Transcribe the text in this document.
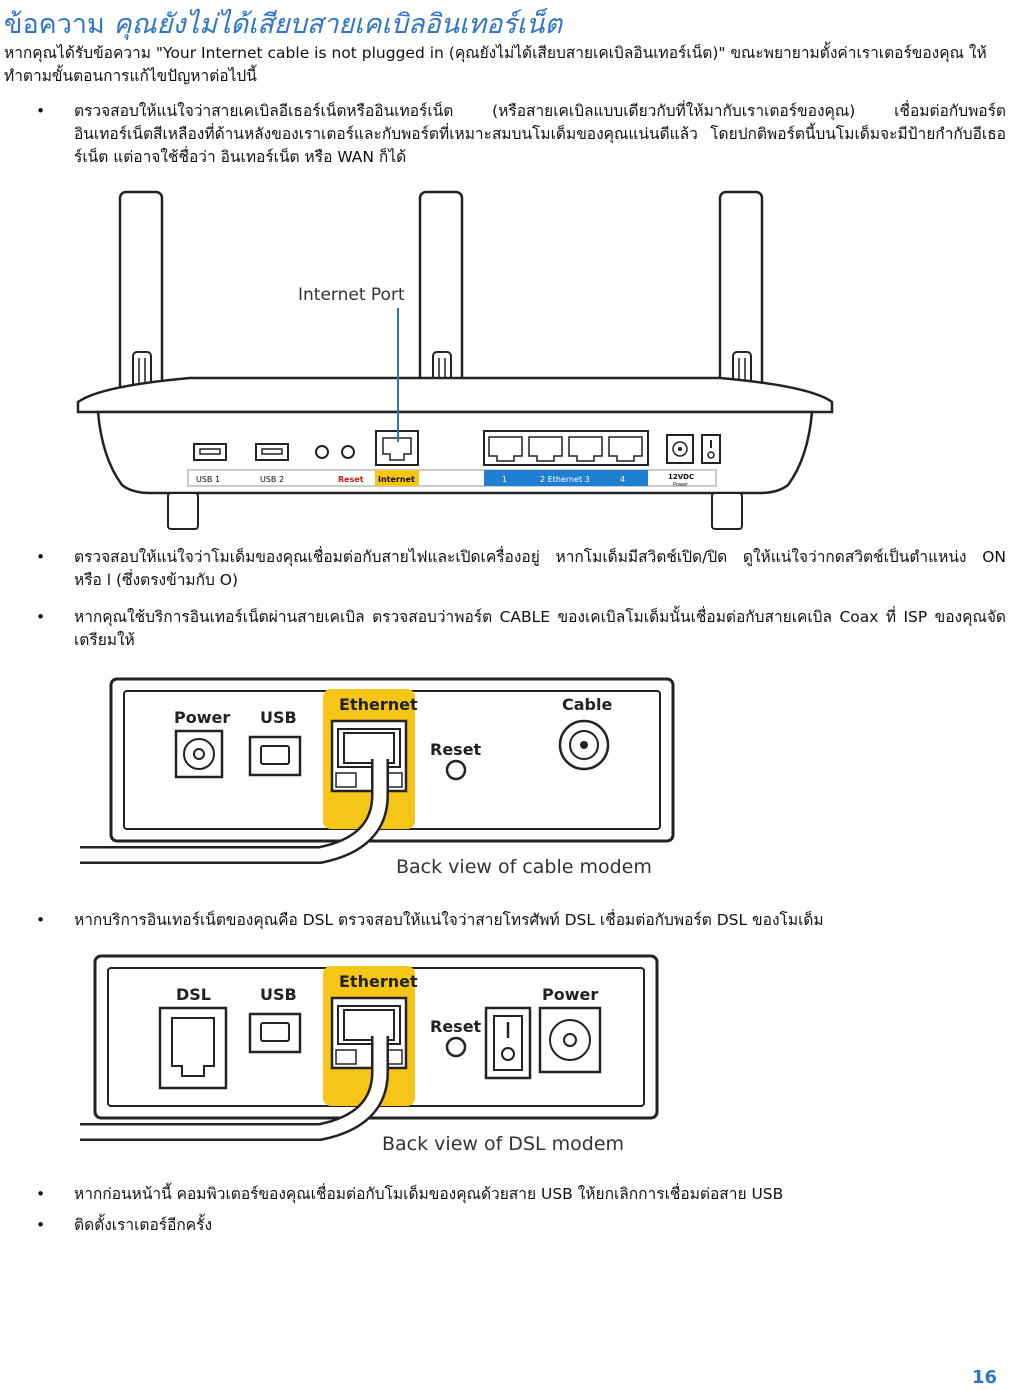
ข้อความ คุณยังไม่ได้เสียบสายเคเบิลอินเทอร์เน็ต

หากคุณได้รับข้อความ "Your Internet cable is not plugged in (คุณยังไม่ได้เสียบสายเคเบิลอินเทอร์เน็ต)" ขณะพยายามตั้งค่าเราเตอร์ของคุณ ให้ทำตามขั้นตอนการแก้ไขปัญหาต่อไปนี้

• ตรวจสอบให้แน่ใจว่าสายเคเบิลอีเธอร์เน็ตหรืออินเทอร์เน็ต (หรือสายเคเบิลแบบเดียวกับที่ให้มากับเราเตอร์ของคุณ) เชื่อมต่อกับพอร์ตอินเทอร์เน็ตสีเหลืองที่ด้านหลังของเราเตอร์และกับพอร์ตที่เหมาะสมบนโมเด็มของคุณแน่นดีแล้ว โดยปกติพอร์ตนี้บนโมเด็มจะมีป้ายกำกับอีเธอร์เน็ต แต่อาจใช้ชื่อว่า อินเทอร์เน็ต หรือ WAN ก็ได้
USB 1	USB 2	Reset Internet	1	2 Ethernet 3	4	12VDC
Power
Internet Port
• ตรวจสอบให้แน่ใจว่าโมเด็มของคุณเชื่อมต่อกับสายไฟและเปิดเครื่องอยู่ หากโมเด็มมีสวิตช์เปิด/ปิด ดูให้แน่ใจว่ากดสวิตช์เป็นตำแหน่ง ON หรือ l (ซึ่งตรงข้ามกับ O)
• หากคุณใช้บริการอินเทอร์เน็ตผ่านสายเคเบิล ตรวจสอบว่าพอร์ต CABLE ของเคเบิลโมเด็มนั้นเชื่อมต่อกับสายเคเบิล Coax ที่ ISP ของคุณจัดเตรียมให้
Power USB
Ethernet
Reset
Cable
Back view of cable modem
• หากบริการอินเทอร์เน็ตของคุณคือ DSL ตรวจสอบให้แน่ใจว่าสายโทรศัพท์ DSL เชื่อมต่อกับพอร์ต DSL ของโมเด็ม
DSL	USB
Ethernet
Reset
Power
Back view of DSL modem
• หากก่อนหน้านี้ คอมพิวเตอร์ของคุณเชื่อมต่อกับโมเด็มของคุณด้วยสาย USB ให้ยกเลิกการเชื่อมต่อสาย USB
• ติดตั้งเราเตอร์อีกครั้ง
16
